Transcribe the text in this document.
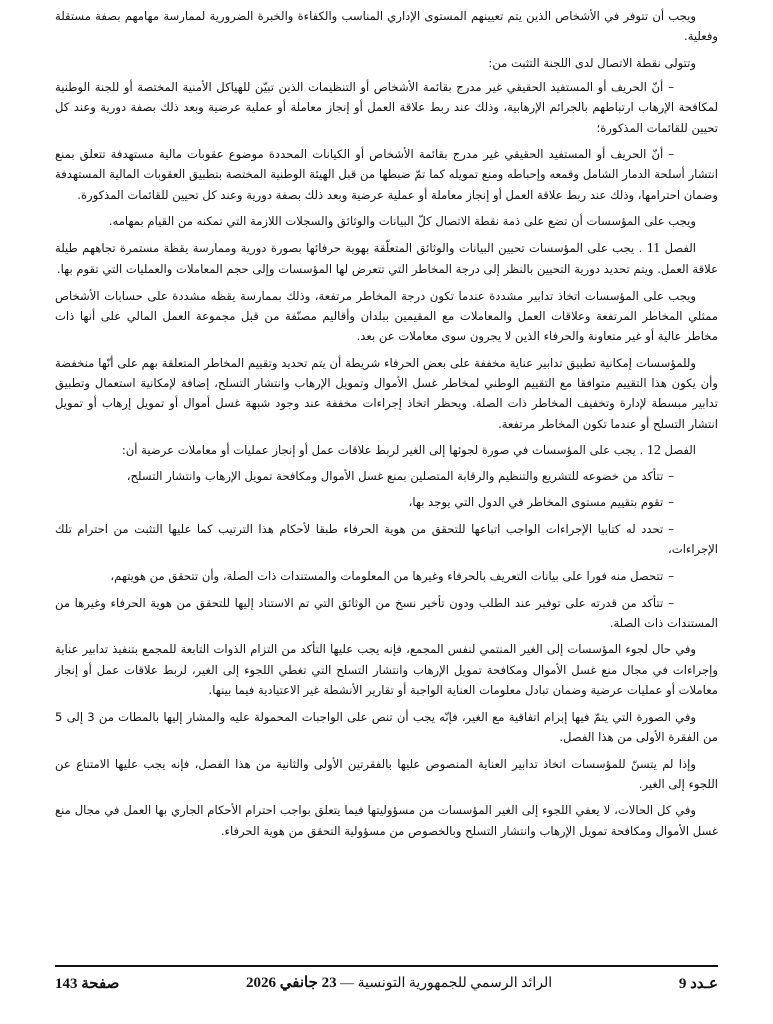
ويجب أن تتوفر في الأشخاص الذين يتم تعيينهم المستوى الإداري المناسب والكفاءة والخبرة الضرورية لممارسة مهامهم بصفة مستقلة وفعلية.

وتتولى نقطة الاتصال لدى اللجنة التثبت من:

–أنّ الحريف أو المستفيد الحقيقي غير مدرج بقائمة الأشخاص أو التنظيمات الذين تبيّن للهياكل الأمنية المختصة أو للجنة الوطنية لمكافحة الإرهاب ارتباطهم بالجرائم الإرهابية، وذلك عند ربط علاقة العمل أو إنجاز معاملة أو عملية عرضية وبعد ذلك بصفة دورية وعند كل تحيين للقائمات المذكورة؛

–أنّ الحريف أو المستفيد الحقيقي غير مدرج بقائمة الأشخاص أو الكيانات المحددة موضوع عقوبات مالية مستهدفة تتعلق بمنع انتشار أسلحة الدمار الشامل وقمعه وإحباطه ومنع تمويله كما تمّ ضبطها من قبل الهيئة الوطنية المختصة بتطبيق العقوبات المالية المستهدفة وضمان احترامها، وذلك عند ربط علاقة العمل أو إنجاز معاملة أو عملية عرضية وبعد ذلك بصفة دورية وعند كل تحيين للقائمات المذكورة.

ويجب على المؤسسات أن تضع على ذمة نقطة الاتصال كلّ البيانات والوثائق والسجلات اللازمة التي تمكنه من القيام بمهامه.

الفصل 11 . يجب على المؤسسات تحيين البيانات والوثائق المتعلّقة بهوية حرفائها بصورة دورية وممارسة يقظة مستمرة تجاههم طيلة علاقة العمل. ويتم تحديد دورية التحيين بالنظر إلى درجة المخاطر التي تتعرض لها المؤسسات وإلى حجم المعاملات والعمليات التي تقوم بها.

ويجب على المؤسسات اتخاذ تدابير مشددة عندما تكون درجة المخاطر مرتفعة، وذلك بممارسة يقظه مشددة على حسابات الأشخاص ممثلي المخاطر المرتفعة وعلاقات العمل والمعاملات مع المقيمين ببلدان وأقاليم مصنّفة من قبل مجموعة العمل المالي على أنها ذات مخاطر عالية أو غير متعاونة والحرفاء الذين لا يجرون سوى معاملات عن بعد.

وللمؤسسات إمكانية تطبيق تدابير عناية مخففة على بعض الحرفاء شريطة أن يتم تحديد وتقييم المخاطر المتعلقة بهم على أنّها منخفضة وأن يكون هذا التقييم متوافقا مع التقييم الوطني لمخاطر غسل الأموال وتمويل الإرهاب وانتشار التسلح، إضافة لإمكانية استعمال وتطبيق تدابير مبسطة لإدارة وتخفيف المخاطر ذات الصلة. ويحظر اتخاذ إجراءات مخففة عند وجود شبهة غسل أموال أو تمويل إرهاب أو تمويل انتشار التسلح أو عندما تكون المخاطر مرتفعة.

الفصل 12 . يجب على المؤسسات في صورة لجوئها إلى الغير لربط علاقات عمل أو إنجاز عمليات أو معاملات عرضية أن:

–تتأكد من خضوعه للتشريع والتنظيم والرقابة المتصلين بمنع غسل الأموال ومكافحة تمويل الإرهاب وانتشار التسلح،

–تقوم بتقييم مستوى المخاطر في الدول التي يوجد بها،

–تحدد له كتابيا الإجراءات الواجب اتباعها للتحقق من هوية الحرفاء طبقا لأحكام هذا الترتيب كما عليها التثبت من احترام تلك الإجراءات،

–تتحصل منه فورا على بيانات التعريف بالحرفاء وغيرها من المعلومات والمستندات ذات الصلة، وأن تتحقق من هويتهم،

–تتأكد من قدرته على توفير عند الطلب ودون تأخير نسخ من الوثائق التي تم الاستناد إليها للتحقق من هوية الحرفاء وغيرها من المستندات ذات الصلة.

وفي حال لجوء المؤسسات إلى الغير المنتمي لنفس المجمع، فإنه يجب عليها التأكد من التزام الذوات التابعة للمجمع بتنفيذ تدابير عناية وإجراءات في مجال منع غسل الأموال ومكافحة تمويل الإرهاب وانتشار التسلح التي تغطي اللجوء إلى الغير، لربط علاقات عمل أو إنجاز معاملات أو عمليات عرضية وضمان تبادل معلومات العناية الواجبة أو تقارير الأنشطة غير الاعتيادية فيما بينها.

وفي الصورة التي يتمّ فيها إبرام اتفاقية مع الغير، فإنّه يجب أن تنص على الواجبات المحمولة عليه والمشار إليها بالمطات من 3 إلى 5 من الفقرة الأولى من هذا الفصل.

وإذا لم يتسنّ للمؤسسات اتخاذ تدابير العناية المنصوص عليها بالفقرتين الأولى والثانية من هذا الفصل، فإنه يجب عليها الامتناع عن اللجوء إلى الغير.

وفي كل الحالات، لا يعفي اللجوء إلى الغير المؤسسات من مسؤوليتها فيما يتعلق بواجب احترام الأحكام الجاري بها العمل في مجال منع غسل الأموال ومكافحة تمويل الإرهاب وانتشار التسلح وبالخصوص من مسؤولية التحقق من هوية الحرفاء.

عـدد 9
الرائد الرسمي للجمهورية التونسية — 23 جانفي 2026
صفحة 143
